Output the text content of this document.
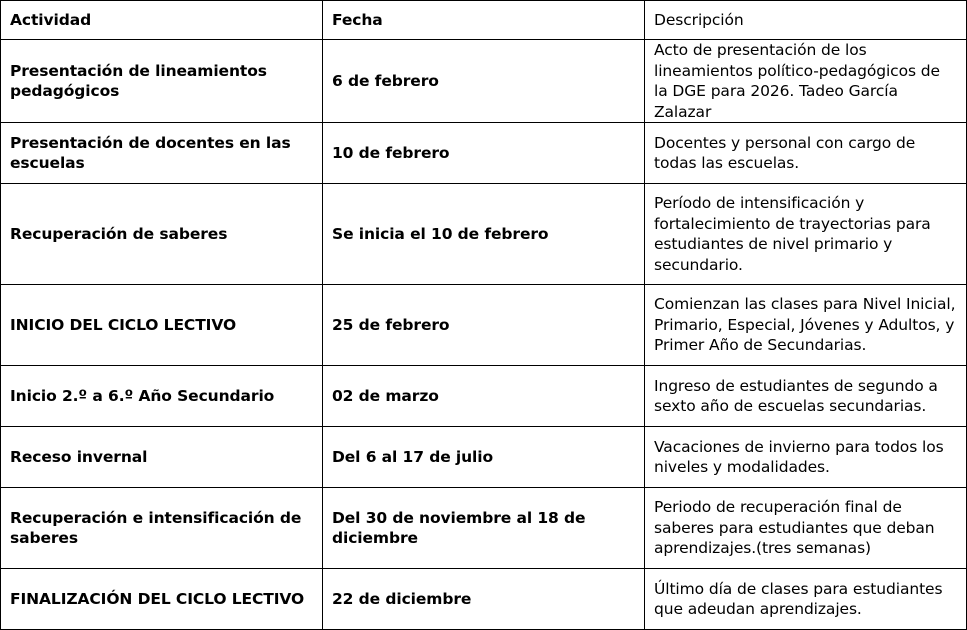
Actividad	Fecha	Descripción
Presentación de lineamientos pedagógicos	6 de febrero	Acto de presentación de los lineamientos político-pedagógicos de la DGE para 2026. Tadeo García Zalazar
Presentación de docentes en las escuelas	10 de febrero	Docentes y personal con cargo de todas las escuelas.
Recuperación de saberes	Se inicia el 10 de febrero	Período de intensificación y fortalecimiento de trayectorias para estudiantes de nivel primario y secundario.
INICIO DEL CICLO LECTIVO	25 de febrero	Comienzan las clases para Nivel Inicial, Primario, Especial, Jóvenes y Adultos, y Primer Año de Secundarias.
Inicio 2.º a 6.º Año Secundario	02 de marzo	Ingreso de estudiantes de segundo a sexto año de escuelas secundarias.
Receso invernal	Del 6 al 17 de julio	Vacaciones de invierno para todos los niveles y modalidades.
Recuperación e intensificación de saberes	Del 30 de noviembre al 18 de diciembre	Periodo de recuperación final de saberes para estudiantes que deban aprendizajes.(tres semanas)
FINALIZACIÓN DEL CICLO LECTIVO	22 de diciembre	Último día de clases para estudiantes que adeudan aprendizajes.
